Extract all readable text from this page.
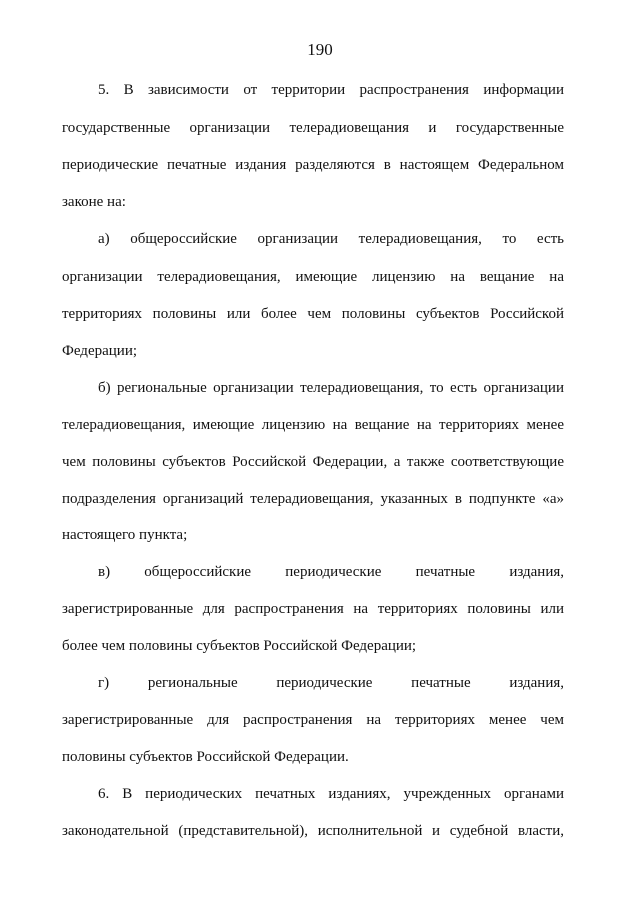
190
5. В зависимости от территории распространения информации
государственные организации телерадиовещания и государственные
периодические печатные издания разделяются в настоящем Федеральном
законе на:
а) общероссийские организации телерадиовещания, то есть
организации телерадиовещания, имеющие лицензию на вещание на
территориях половины или более чем половины субъектов Российской
Федерации;
б) региональные организации телерадиовещания, то есть организации
телерадиовещания, имеющие лицензию на вещание на территориях менее
чем половины субъектов Российской Федерации, а также соответствующие
подразделения организаций телерадиовещания, указанных в подпункте «а»
настоящего пункта;
в) общероссийские периодические печатные издания,
зарегистрированные для распространения на территориях половины или
более чем половины субъектов Российской Федерации;
г) региональные периодические печатные издания,
зарегистрированные для распространения на территориях менее чем
половины субъектов Российской Федерации.
6. В периодических печатных изданиях, учрежденных органами
законодательной (представительной), исполнительной и судебной власти,
